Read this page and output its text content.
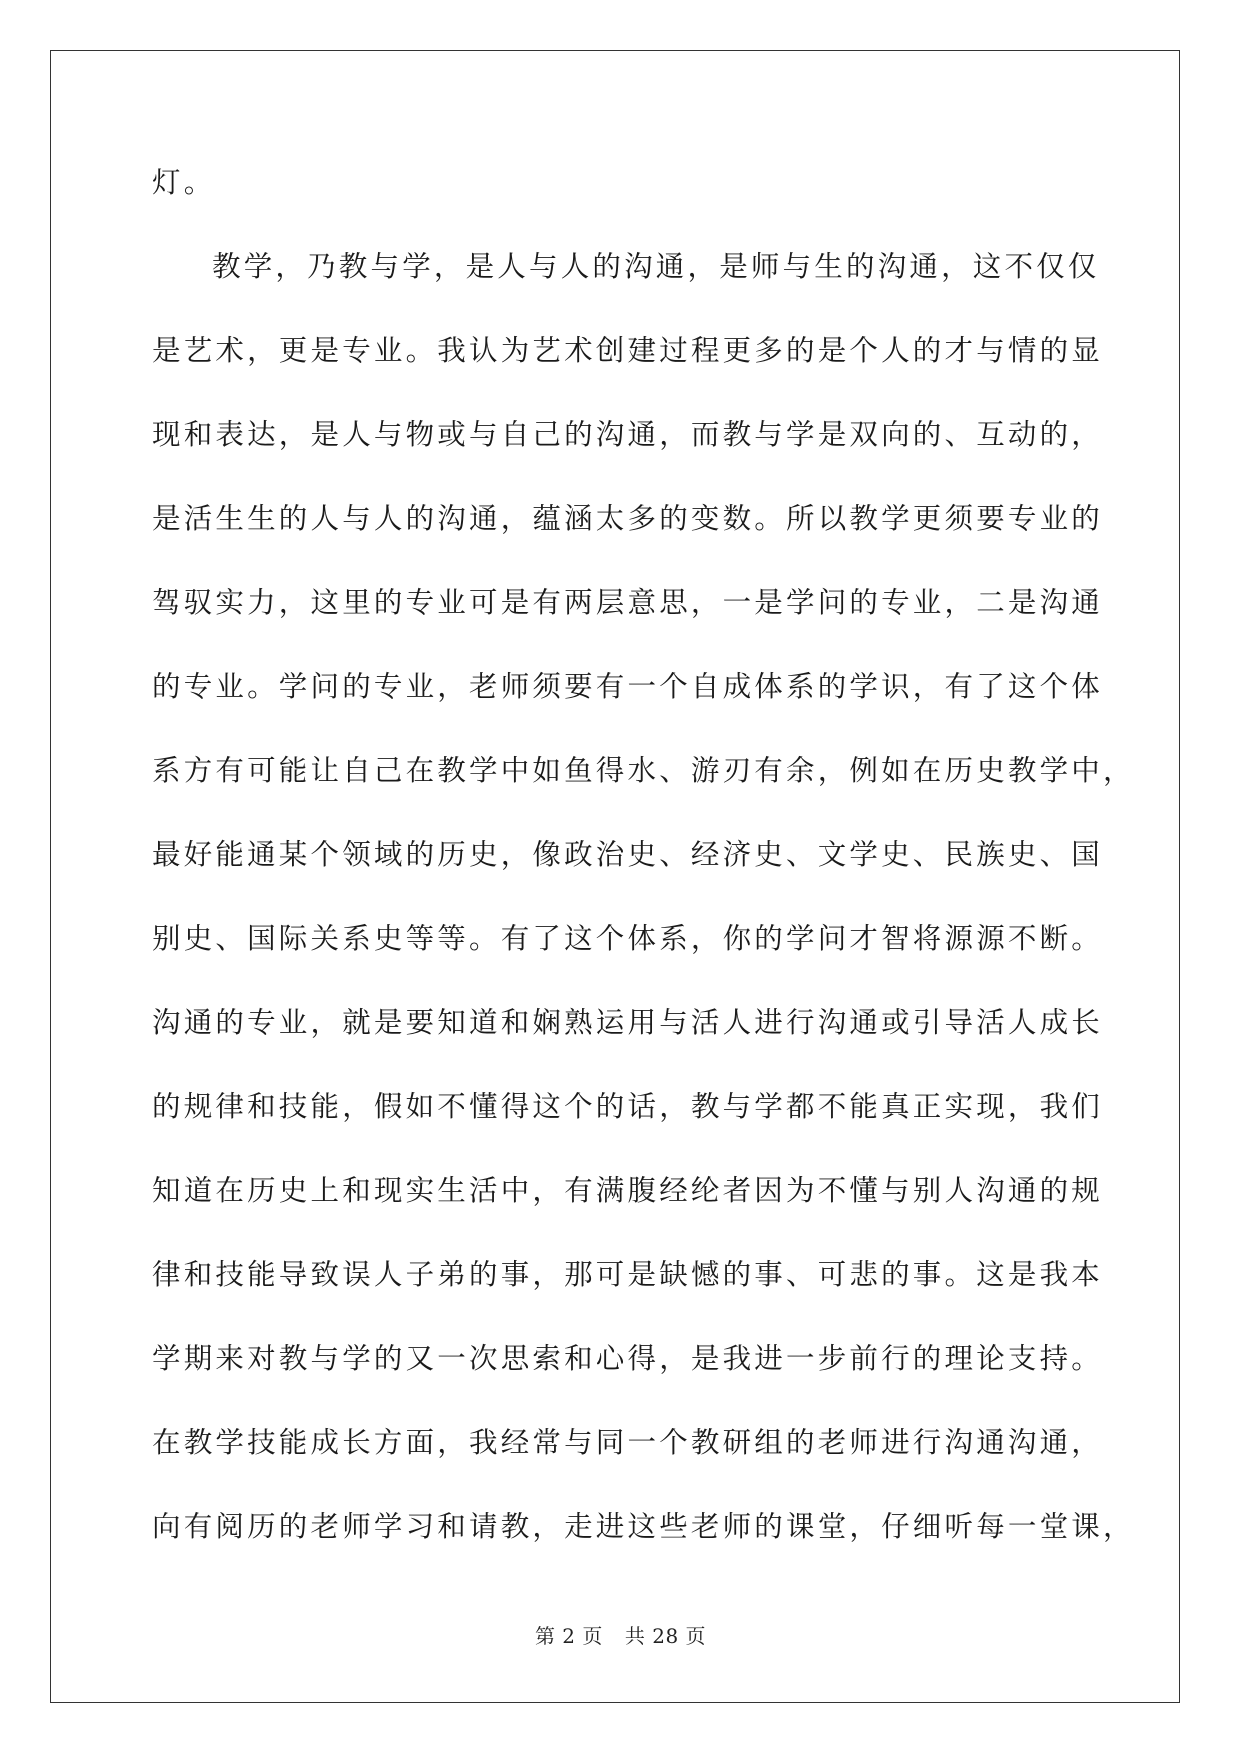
灯。
教学，乃教与学，是人与人的沟通，是师与生的沟通，这不仅仅
是艺术，更是专业。我认为艺术创建过程更多的是个人的才与情的显
现和表达，是人与物或与自己的沟通，而教与学是双向的、互动的，
是活生生的人与人的沟通，蕴涵太多的变数。所以教学更须要专业的
驾驭实力，这里的专业可是有两层意思，一是学问的专业，二是沟通
的专业。学问的专业，老师须要有一个自成体系的学识，有了这个体
系方有可能让自己在教学中如鱼得水、游刃有余，例如在历史教学中，
最好能通某个领域的历史，像政治史、经济史、文学史、民族史、国
别史、国际关系史等等。有了这个体系，你的学问才智将源源不断。
沟通的专业，就是要知道和娴熟运用与活人进行沟通或引导活人成长
的规律和技能，假如不懂得这个的话，教与学都不能真正实现，我们
知道在历史上和现实生活中，有满腹经纶者因为不懂与别人沟通的规
律和技能导致误人子弟的事，那可是缺憾的事、可悲的事。这是我本
学期来对教与学的又一次思索和心得，是我进一步前行的理论支持。
在教学技能成长方面，我经常与同一个教研组的老师进行沟通沟通，
向有阅历的老师学习和请教，走进这些老师的课堂，仔细听每一堂课，
第 2 页 共 28 页
